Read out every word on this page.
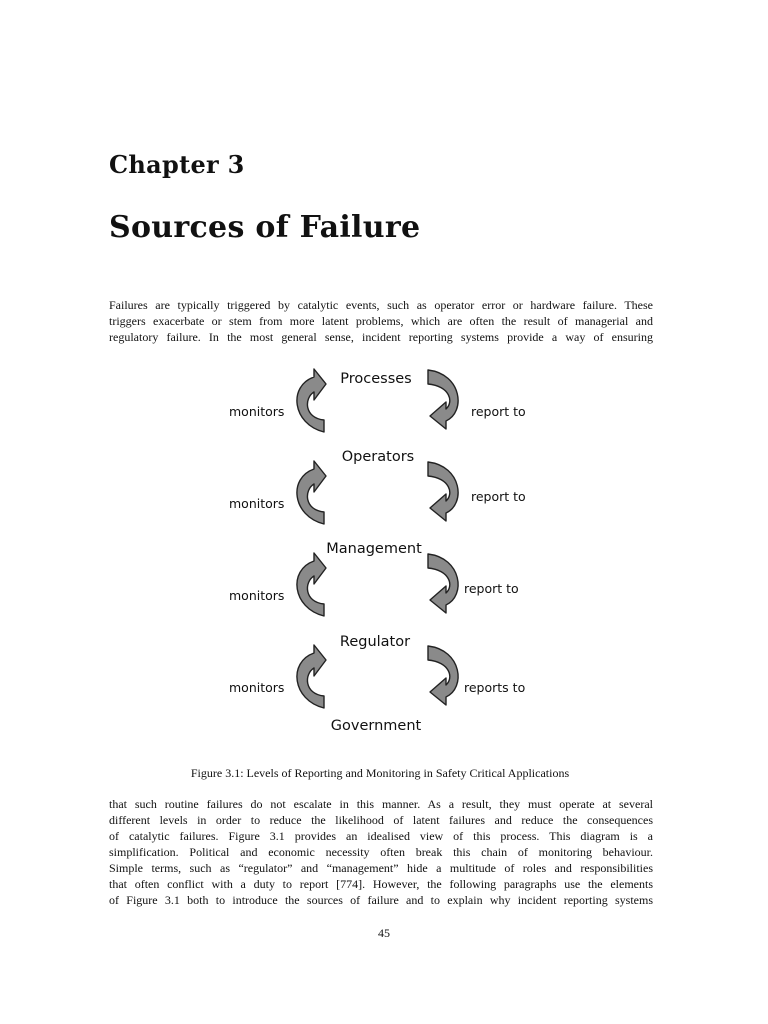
Chapter 3
Sources of Failure

Failures are typically triggered by catalytic events, such as operator error or hardware failure. These
triggers exacerbate or stem from more latent problems, which are often the result of managerial and
regulatory failure. In the most general sense, incident reporting systems provide a way of ensuring

Processes
Operators
Management
Regulator
Government
monitors
monitors
monitors
monitors
report to
report to
report to
reports to

Figure 3.1: Levels of Reporting and Monitoring in Safety Critical Applications

that such routine failures do not escalate in this manner. As a result, they must operate at several
different levels in order to reduce the likelihood of latent failures and reduce the consequences
of catalytic failures. Figure 3.1 provides an idealised view of this process. This diagram is a
simplification. Political and economic necessity often break this chain of monitoring behaviour.
Simple terms, such as “regulator” and “management” hide a multitude of roles and responsibilities
that often conflict with a duty to report [774]. However, the following paragraphs use the elements
of Figure 3.1 both to introduce the sources of failure and to explain why incident reporting systems

45
